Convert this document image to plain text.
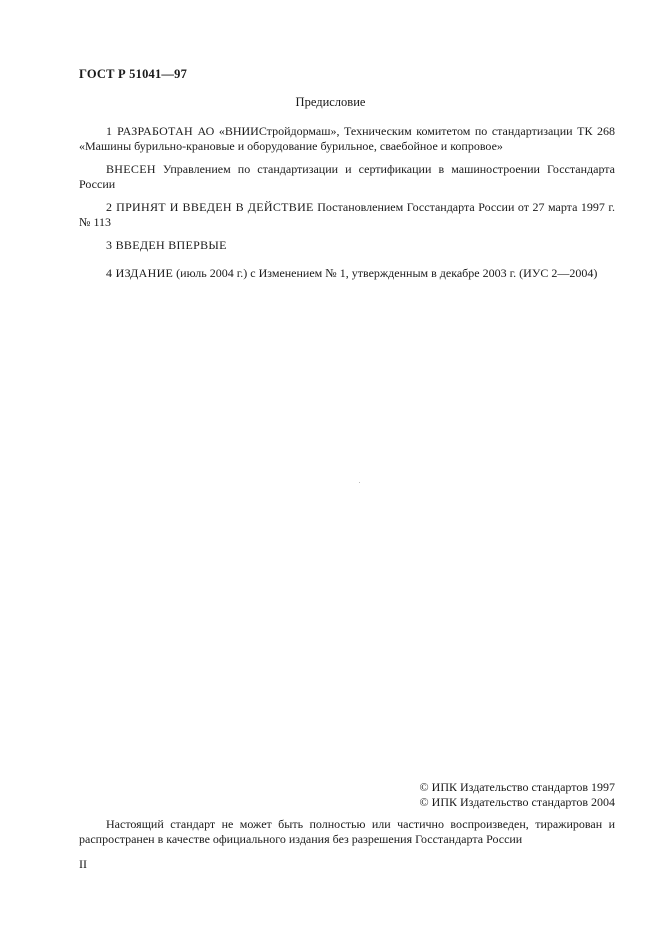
ГОСТ Р 51041—97
Предисловие
1 РАЗРАБОТАН АО «ВНИИСтройдормаш», Техническим комитетом по стандартизации ТК 268 «Машины бурильно-крановые и оборудование бурильное, сваебойное и копровое»
ВНЕСЕН Управлением по стандартизации и сертификации в машиностроении Госстандарта России
2 ПРИНЯТ И ВВЕДЕН В ДЕЙСТВИЕ Постановлением Госстандарта России от 27 марта 1997 г. № 113
3 ВВЕДЕН ВПЕРВЫЕ
4 ИЗДАНИЕ (июль 2004 г.) с Изменением № 1, утвержденным в декабре 2003 г. (ИУС 2—2004)
© ИПК Издательство стандартов 1997
© ИПК Издательство стандартов 2004
Настоящий стандарт не может быть полностью или частично воспроизведен, тиражирован и распространен в качестве официального издания без разрешения Госстандарта России
II
